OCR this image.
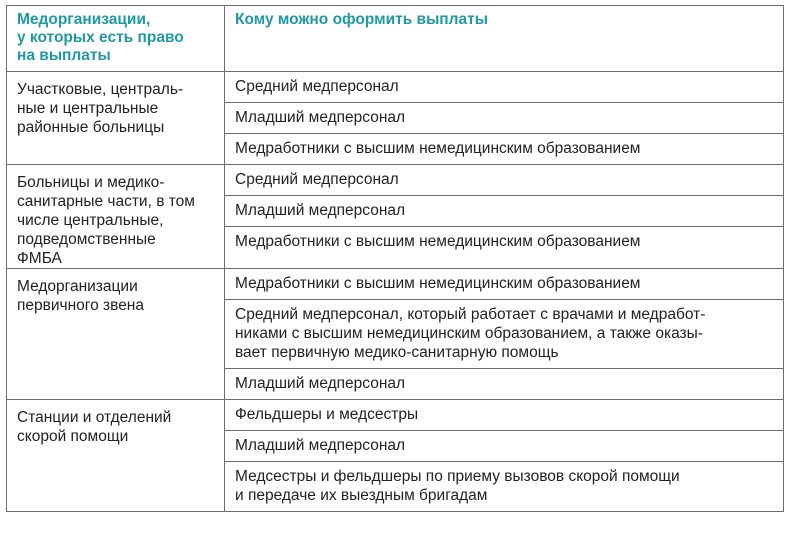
Медорганизации,
у которых есть право
на выплаты	Кому можно оформить выплаты

Участковые, централь-
ные и центральные
районные больницы	Средний медперсонал

	Младший медперсонал

	Медработники с высшим немедицинским образованием

Больницы и медико-
санитарные части, в том
числе центральные,
подведомственные
ФМБА	Средний медперсонал

	Младший медперсонал

	Медработники с высшим немедицинским образованием

Медорганизации
первичного звена	Медработники с высшим немедицинским образованием

	Средний медперсонал, который работает с врачами и медработ-
никами с высшим немедицинским образованием, а также оказы-
вает первичную медико-санитарную помощь

	Младший медперсонал

Станции и отделений
скорой помощи	Фельдшеры и медсестры

	Младший медперсонал

	Медсестры и фельдшеры по приему вызовов скорой помощи
и передаче их выездным бригадам
